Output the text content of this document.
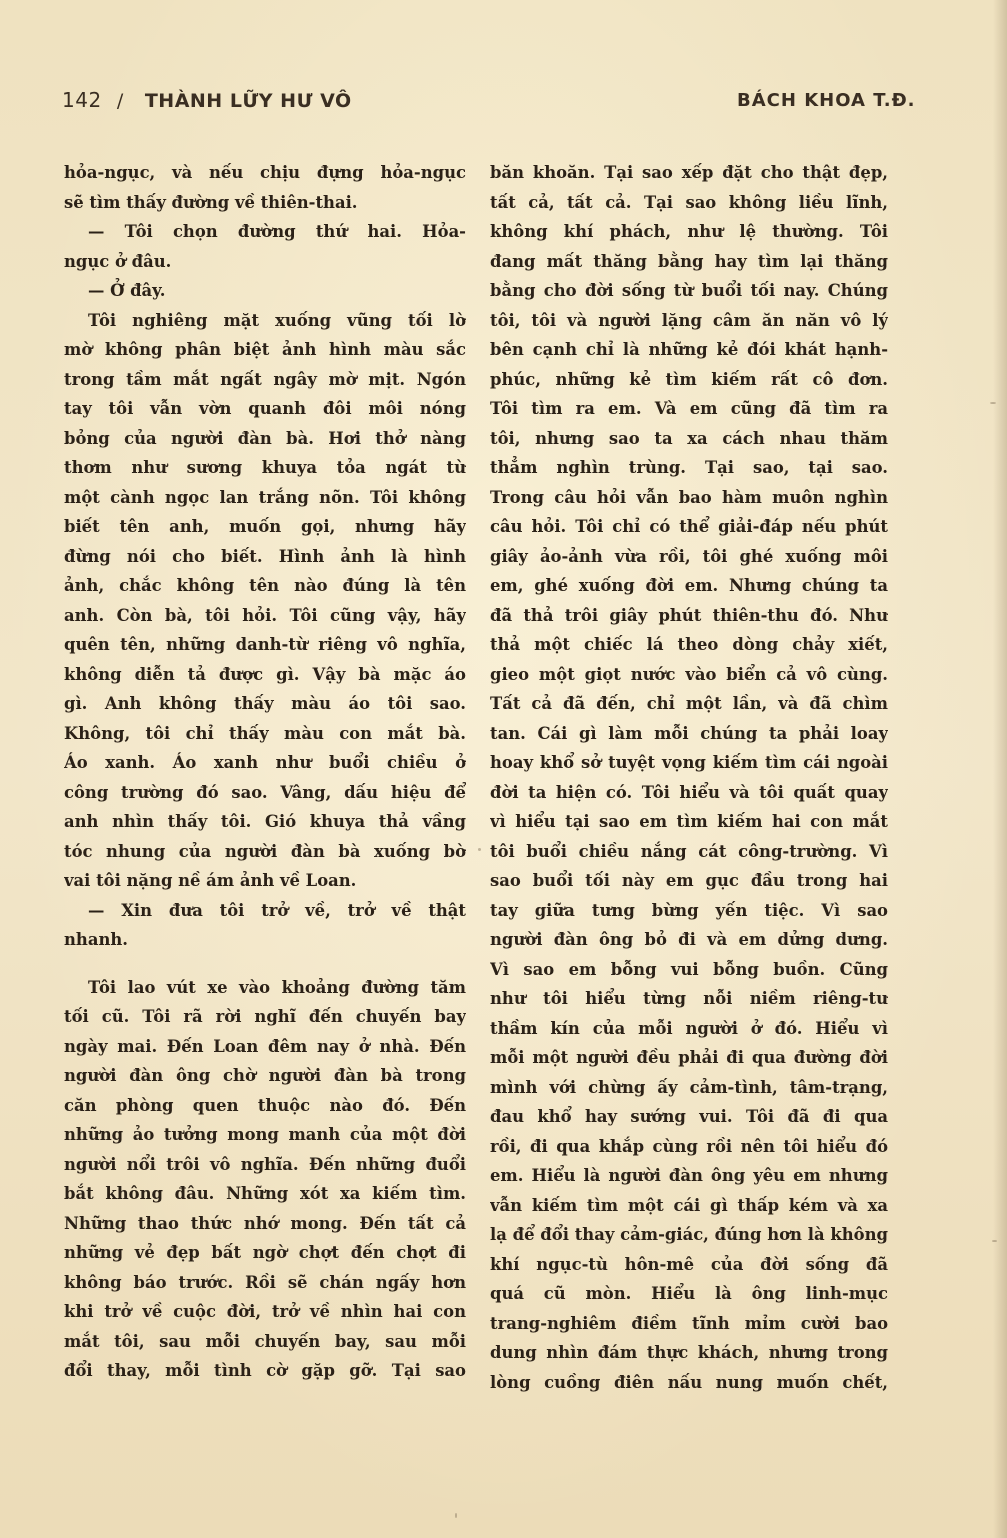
142 / THÀNH LỮY HƯ VÔ	BÁCH KHOA T.Đ.
hỏa-ngục, và nếu chịu đựng hỏa-ngục
sẽ tìm thấy đường về thiên-thai.
— Tôi chọn đường thứ hai. Hỏa-
ngục ở đâu.
— Ở đây.
Tôi nghiêng mặt xuống vũng tối lờ
mờ không phân biệt ảnh hình màu sắc
trong tầm mắt ngất ngây mờ mịt. Ngón
tay tôi vẫn vờn quanh đôi môi nóng
bỏng của người đàn bà. Hơi thở nàng
thơm như sương khuya tỏa ngát từ
một cành ngọc lan trắng nõn. Tôi không
biết tên anh, muốn gọi, nhưng hãy
đừng nói cho biết. Hình ảnh là hình
ảnh, chắc không tên nào đúng là tên
anh. Còn bà, tôi hỏi. Tôi cũng vậy, hãy
quên tên, những danh-từ riêng vô nghĩa,
không diễn tả được gì. Vậy bà mặc áo
gì. Anh không thấy màu áo tôi sao.
Không, tôi chỉ thấy màu con mắt bà.
Áo xanh. Áo xanh như buổi chiều ở
công trường đó sao. Vâng, dấu hiệu để
anh nhìn thấy tôi. Gió khuya thả vầng
tóc nhung của người đàn bà xuống bờ
vai tôi nặng nề ám ảnh về Loan.
— Xin đưa tôi trở về, trở về thật
nhanh.
Tôi lao vút xe vào khoảng đường tăm
tối cũ. Tôi rã rời nghĩ đến chuyến bay
ngày mai. Đến Loan đêm nay ở nhà. Đến
người đàn ông chờ người đàn bà trong
căn phòng quen thuộc nào đó. Đến
những ảo tưởng mong manh của một đời
người nổi trôi vô nghĩa. Đến những đuổi
bắt không đâu. Những xót xa kiếm tìm.
Những thao thức nhớ mong. Đến tất cả
những vẻ đẹp bất ngờ chợt đến chợt đi
không báo trước. Rồi sẽ chán ngấy hơn
khi trở về cuộc đời, trở về nhìn hai con
mắt tôi, sau mỗi chuyến bay, sau mỗi
đổi thay, mỗi tình cờ gặp gỡ. Tại sao
băn khoăn. Tại sao xếp đặt cho thật đẹp,
tất cả, tất cả. Tại sao không liều lĩnh,
không khí phách, như lệ thường. Tôi
đang mất thăng bằng hay tìm lại thăng
bằng cho đời sống từ buổi tối nay. Chúng
tôi, tôi và người lặng câm ăn năn vô lý
bên cạnh chỉ là những kẻ đói khát hạnh-
phúc, những kẻ tìm kiếm rất cô đơn.
Tôi tìm ra em. Và em cũng đã tìm ra
tôi, nhưng sao ta xa cách nhau thăm
thẳm nghìn trùng. Tại sao, tại sao.
Trong câu hỏi vẫn bao hàm muôn nghìn
câu hỏi. Tôi chỉ có thể giải-đáp nếu phút
giây ảo-ảnh vừa rồi, tôi ghé xuống môi
em, ghé xuống đời em. Nhưng chúng ta
đã thả trôi giây phút thiên-thu đó. Như
thả một chiếc lá theo dòng chảy xiết,
gieo một giọt nước vào biển cả vô cùng.
Tất cả đã đến, chỉ một lần, và đã chìm
tan. Cái gì làm mỗi chúng ta phải loay
hoay khổ sở tuyệt vọng kiếm tìm cái ngoài
đời ta hiện có. Tôi hiểu và tôi quất quay
vì hiểu tại sao em tìm kiếm hai con mắt
tôi buổi chiều nắng cát công-trường. Vì
sao buổi tối này em gục đầu trong hai
tay giữa tưng bừng yến tiệc. Vì sao
người đàn ông bỏ đi và em dửng dưng.
Vì sao em bỗng vui bỗng buồn. Cũng
như tôi hiểu từng nỗi niềm riêng-tư
thầm kín của mỗi người ở đó. Hiểu vì
mỗi một người đều phải đi qua đường đời
mình với chừng ấy cảm-tình, tâm-trạng,
đau khổ hay sướng vui. Tôi đã đi qua
rồi, đi qua khắp cùng rồi nên tôi hiểu đó
em. Hiểu là người đàn ông yêu em nhưng
vẫn kiếm tìm một cái gì thấp kém và xa
lạ để đổi thay cảm-giác, đúng hơn là không
khí ngục-tù hôn-mê của đời sống đã
quá cũ mòn. Hiểu là ông linh-mục
trang-nghiêm điềm tĩnh mỉm cười bao
dung nhìn đám thực khách, nhưng trong
lòng cuồng điên nấu nung muốn chết,
